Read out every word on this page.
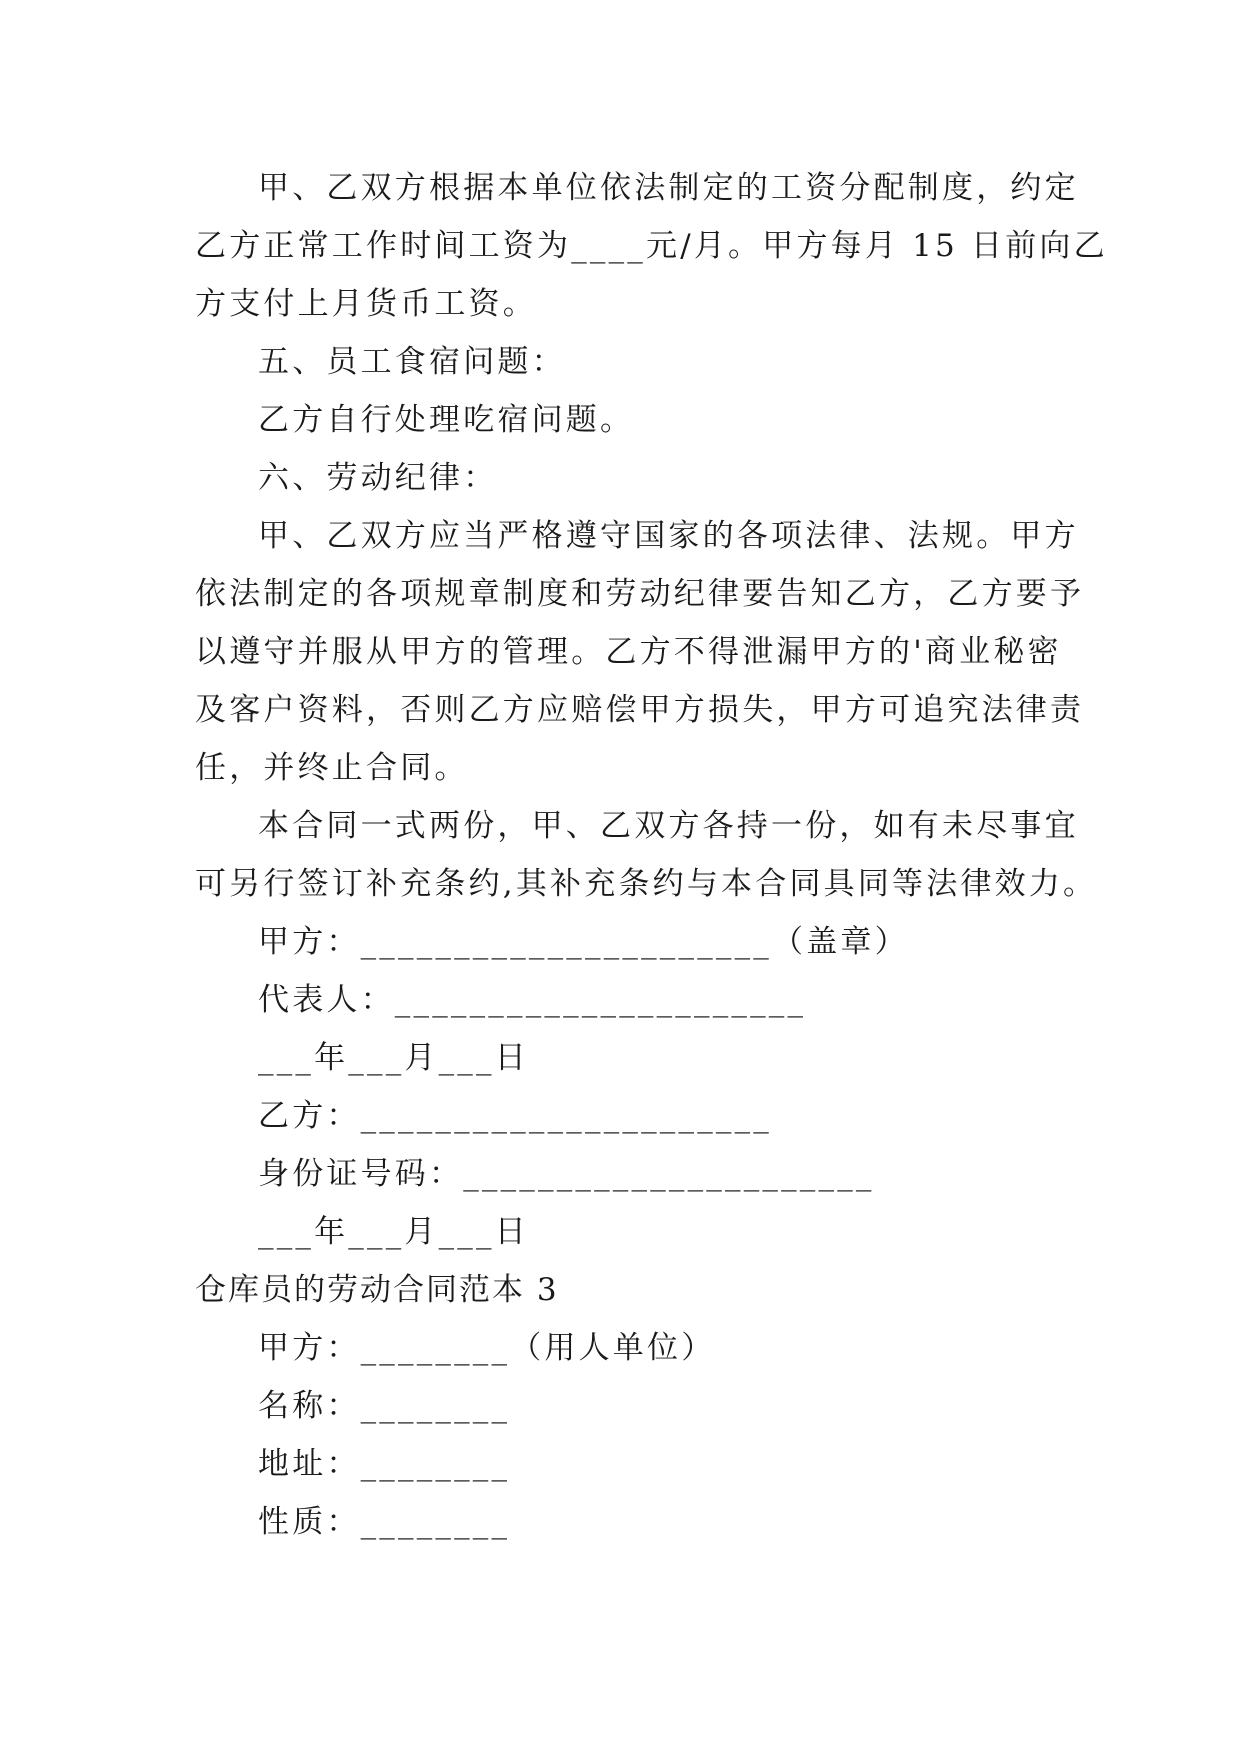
甲、乙双方根据本单位依法制定的工资分配制度，约定
乙方正常工作时间工资为____元/月。甲方每月 15 日前向乙
方支付上月货币工资。
五、员工食宿问题：
乙方自行处理吃宿问题。
六、劳动纪律：
甲、乙双方应当严格遵守国家的各项法律、法规。甲方
依法制定的各项规章制度和劳动纪律要告知乙方，乙方要予
以遵守并服从甲方的管理。乙方不得泄漏甲方的'商业秘密
及客户资料，否则乙方应赔偿甲方损失，甲方可追究法律责
任，并终止合同。
本合同一式两份，甲、乙双方各持一份，如有未尽事宜
可另行签订补充条约,其补充条约与本合同具同等法律效力。
甲方：______________________（盖章）
代表人：______________________
___年___月___日
乙方：______________________
身份证号码：______________________
___年___月___日
仓库员的劳动合同范本 3
甲方：________（用人单位）
名称：________
地址：________
性质：________
